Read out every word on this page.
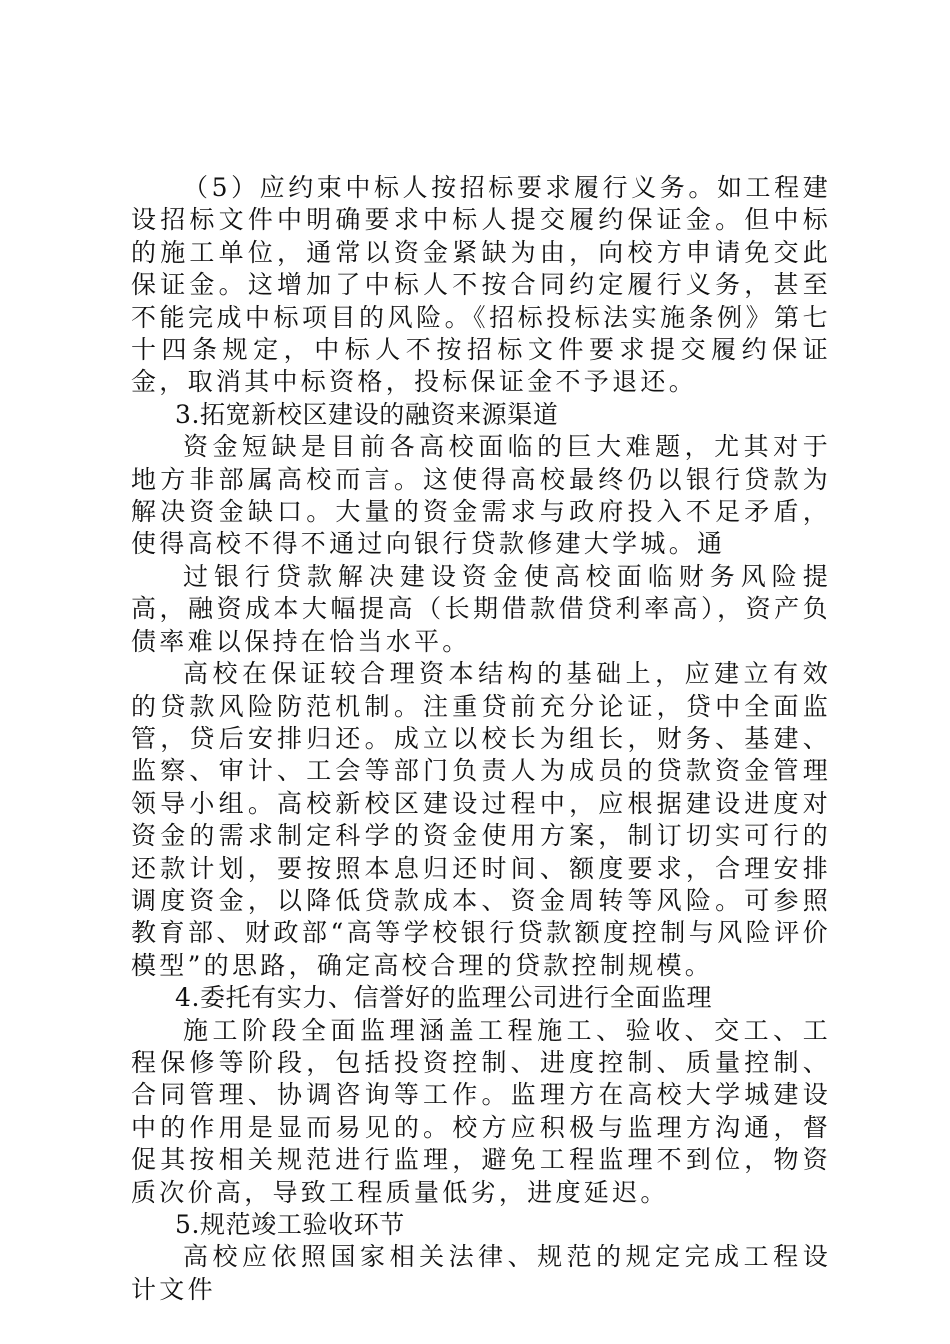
（5）应约束中标人按招标要求履行义务。如工程建设招标文件中明确要求中标人提交履约保证金。但中标的施工单位，通常以资金紧缺为由，向校方申请免交此保证金。这增加了中标人不按合同约定履行义务，甚至不能完成中标项目的风险。《招标投标法实施条例》第七十四条规定，中标人不按招标文件要求提交履约保证金，取消其中标资格，投标保证金不予退还。

3.拓宽新校区建设的融资来源渠道

资金短缺是目前各高校面临的巨大难题，尤其对于地方非部属高校而言。这使得高校最终仍以银行贷款为解决资金缺口。大量的资金需求与政府投入不足矛盾，使得高校不得不通过向银行贷款修建大学城。通

过银行贷款解决建设资金使高校面临财务风险提高，融资成本大幅提高（长期借款借贷利率高），资产负债率难以保持在恰当水平。

高校在保证较合理资本结构的基础上，应建立有效的贷款风险防范机制。注重贷前充分论证，贷中全面监管，贷后安排归还。成立以校长为组长，财务、基建、监察、审计、工会等部门负责人为成员的贷款资金管理领导小组。高校新校区建设过程中，应根据建设进度对资金的需求制定科学的资金使用方案，制订切实可行的还款计划，要按照本息归还时间、额度要求，合理安排调度资金，以降低贷款成本、资金周转等风险。可参照教育部、财政部“高等学校银行贷款额度控制与风险评价模型”的思路，确定高校合理的贷款控制规模。

4.委托有实力、信誉好的监理公司进行全面监理

施工阶段全面监理涵盖工程施工、验收、交工、工程保修等阶段，包括投资控制、进度控制、质量控制、合同管理、协调咨询等工作。监理方在高校大学城建设中的作用是显而易见的。校方应积极与监理方沟通，督促其按相关规范进行监理，避免工程监理不到位，物资质次价高，导致工程质量低劣，进度延迟。

5.规范竣工验收环节

高校应依照国家相关法律、规范的规定完成工程设计文件
